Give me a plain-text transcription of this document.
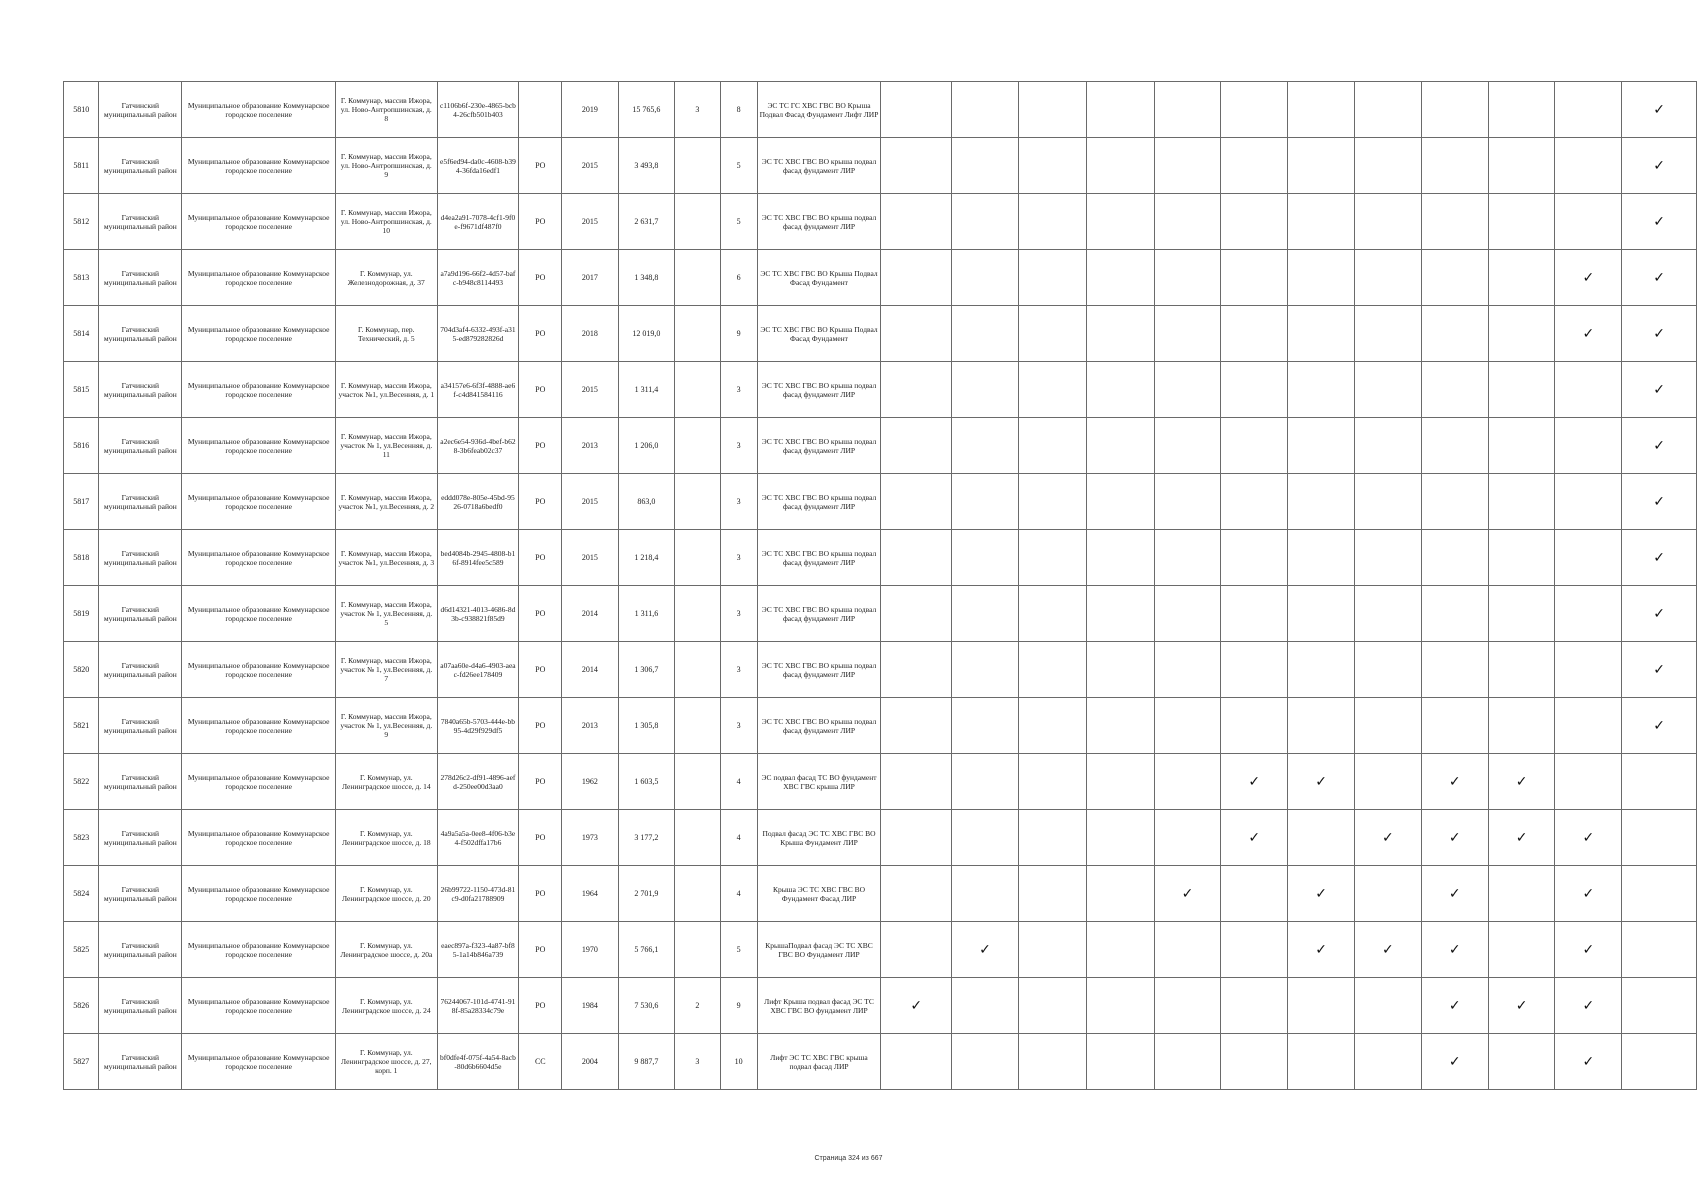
5810	Гатчинский муниципальный район	Муниципальное образование Коммунарское городское поселение	Г. Коммунар, массив Ижора, ул. Ново-Антропшинская, д. 8	c1106b6f-230e-4865-bcb4-26cfb501b403		2019	15 765,6	3	8	ЭС ТС ГС ХВС ГВС ВО Крыша Подвал Фасад Фундамент Лифт ЛИР												✓
5811	Гатчинский муниципальный район	Муниципальное образование Коммунарское городское поселение	Г. Коммунар, массив Ижора, ул. Ново-Антропшинская, д. 9	e5f6ed94-da0c-4608-b394-36fda16edf1	РО	2015	3 493,8		5	ЭС ТС ХВС ГВС ВО крыша подвал фасад фундамент ЛИР												✓
5812	Гатчинский муниципальный район	Муниципальное образование Коммунарское городское поселение	Г. Коммунар, массив Ижора, ул. Ново-Антропшинская, д. 10	d4ea2a91-7078-4cf1-9f0e-f9671df487f0	РО	2015	2 631,7		5	ЭС ТС ХВС ГВС ВО крыша подвал фасад фундамент ЛИР												✓
5813	Гатчинский муниципальный район	Муниципальное образование Коммунарское городское поселение	Г. Коммунар, ул. Железнодорожная, д. 37	a7a9d196-66f2-4d57-bafc-b948c8114493	РО	2017	1 348,8		6	ЭС ТС ХВС ГВС ВО Крыша Подвал Фасад Фундамент											✓	✓
5814	Гатчинский муниципальный район	Муниципальное образование Коммунарское городское поселение	Г. Коммунар, пер. Технический, д. 5	704d3af4-6332-493f-a315-ed879282826d	РО	2018	12 019,0		9	ЭС ТС ХВС ГВС ВО Крыша Подвал Фасад Фундамент											✓	✓
5815	Гатчинский муниципальный район	Муниципальное образование Коммунарское городское поселение	Г. Коммунар, массив Ижора, участок №1, ул.Весенняя, д. 1	a34157e6-6f3f-4888-ae6f-c4d841584116	РО	2015	1 311,4		3	ЭС ТС ХВС ГВС ВО крыша подвал фасад фундамент ЛИР												✓
5816	Гатчинский муниципальный район	Муниципальное образование Коммунарское городское поселение	Г. Коммунар, массив Ижора, участок № 1, ул.Весенняя, д. 11	a2ec6e54-936d-4bef-b628-3b6feab02c37	РО	2013	1 206,0		3	ЭС ТС ХВС ГВС ВО крыша подвал фасад фундамент ЛИР												✓
5817	Гатчинский муниципальный район	Муниципальное образование Коммунарское городское поселение	Г. Коммунар, массив Ижора, участок №1, ул.Весенняя, д. 2	eddd078e-805e-45bd-9526-0718a6bedf0	РО	2015	863,0		3	ЭС ТС ХВС ГВС ВО крыша подвал фасад фундамент ЛИР												✓
5818	Гатчинский муниципальный район	Муниципальное образование Коммунарское городское поселение	Г. Коммунар, массив Ижора, участок №1, ул.Весенняя, д. 3	bed4084b-2945-4808-b16f-8914fee5c589	РО	2015	1 218,4		3	ЭС ТС ХВС ГВС ВО крыша подвал фасад фундамент ЛИР												✓
5819	Гатчинский муниципальный район	Муниципальное образование Коммунарское городское поселение	Г. Коммунар, массив Ижора, участок № 1, ул.Весенняя, д. 5	d6d14321-4013-4686-8d3b-c938821f85d9	РО	2014	1 311,6		3	ЭС ТС ХВС ГВС ВО крыша подвал фасад фундамент ЛИР												✓
5820	Гатчинский муниципальный район	Муниципальное образование Коммунарское городское поселение	Г. Коммунар, массив Ижора, участок № 1, ул.Весенняя, д. 7	a07aa60e-d4a6-4903-aeac-fd26ee178409	РО	2014	1 306,7		3	ЭС ТС ХВС ГВС ВО крыша подвал фасад фундамент ЛИР												✓
5821	Гатчинский муниципальный район	Муниципальное образование Коммунарское городское поселение	Г. Коммунар, массив Ижора, участок № 1, ул.Весенняя, д. 9	7840a65b-5703-444e-bb95-4d29f929df5	РО	2013	1 305,8		3	ЭС ТС ХВС ГВС ВО крыша подвал фасад фундамент ЛИР												✓
5822	Гатчинский муниципальный район	Муниципальное образование Коммунарское городское поселение	Г. Коммунар, ул. Ленинградское шоссе, д. 14	278d26c2-df91-4896-aefd-250ee00d3aa0	РО	1962	1 603,5		4	ЭС подвал фасад ТС ВО фундамент ХВС ГВС крыша ЛИР						✓	✓		✓	✓		
5823	Гатчинский муниципальный район	Муниципальное образование Коммунарское городское поселение	Г. Коммунар, ул. Ленинградское шоссе, д. 18	4a9a5a5a-0ee8-4f06-b3e4-f502dffa17b6	РО	1973	3 177,2		4	Подвал фасад ЭС ТС ХВС ГВС ВО Крыша Фундамент ЛИР						✓		✓	✓	✓	✓	
5824	Гатчинский муниципальный район	Муниципальное образование Коммунарское городское поселение	Г. Коммунар, ул. Ленинградское шоссе, д. 20	26b99722-1150-473d-81c9-d0fa21788909	РО	1964	2 701,9		4	Крыша ЭС ТС ХВС ГВС ВО Фундамент Фасад ЛИР					✓		✓		✓		✓	
5825	Гатчинский муниципальный район	Муниципальное образование Коммунарское городское поселение	Г. Коммунар, ул. Ленинградское шоссе, д. 20а	eaec897a-f323-4a87-bf85-1a14b846a739	РО	1970	5 766,1		5	КрышаПодвал фасад ЭС ТС ХВС ГВС ВО Фундамент ЛИР		✓					✓	✓	✓		✓	
5826	Гатчинский муниципальный район	Муниципальное образование Коммунарское городское поселение	Г. Коммунар, ул. Ленинградское шоссе, д. 24	76244067-101d-4741-918f-85a28334c79e	РО	1984	7 530,6	2	9	Лифт Крыша подвал фасад ЭС ТС ХВС ГВС ВО фундамент ЛИР	✓								✓	✓	✓	
5827	Гатчинский муниципальный район	Муниципальное образование Коммунарское городское поселение	Г. Коммунар, ул. Ленинградское шоссе, д. 27, корп. 1	bf0dfe4f-075f-4a54-8acb-80d6b6604d5e	СС	2004	9 887,7	3	10	Лифт ЭС ТС ХВС ГВС крыша подвал фасад ЛИР									✓		✓	
Страница 324 из 667
